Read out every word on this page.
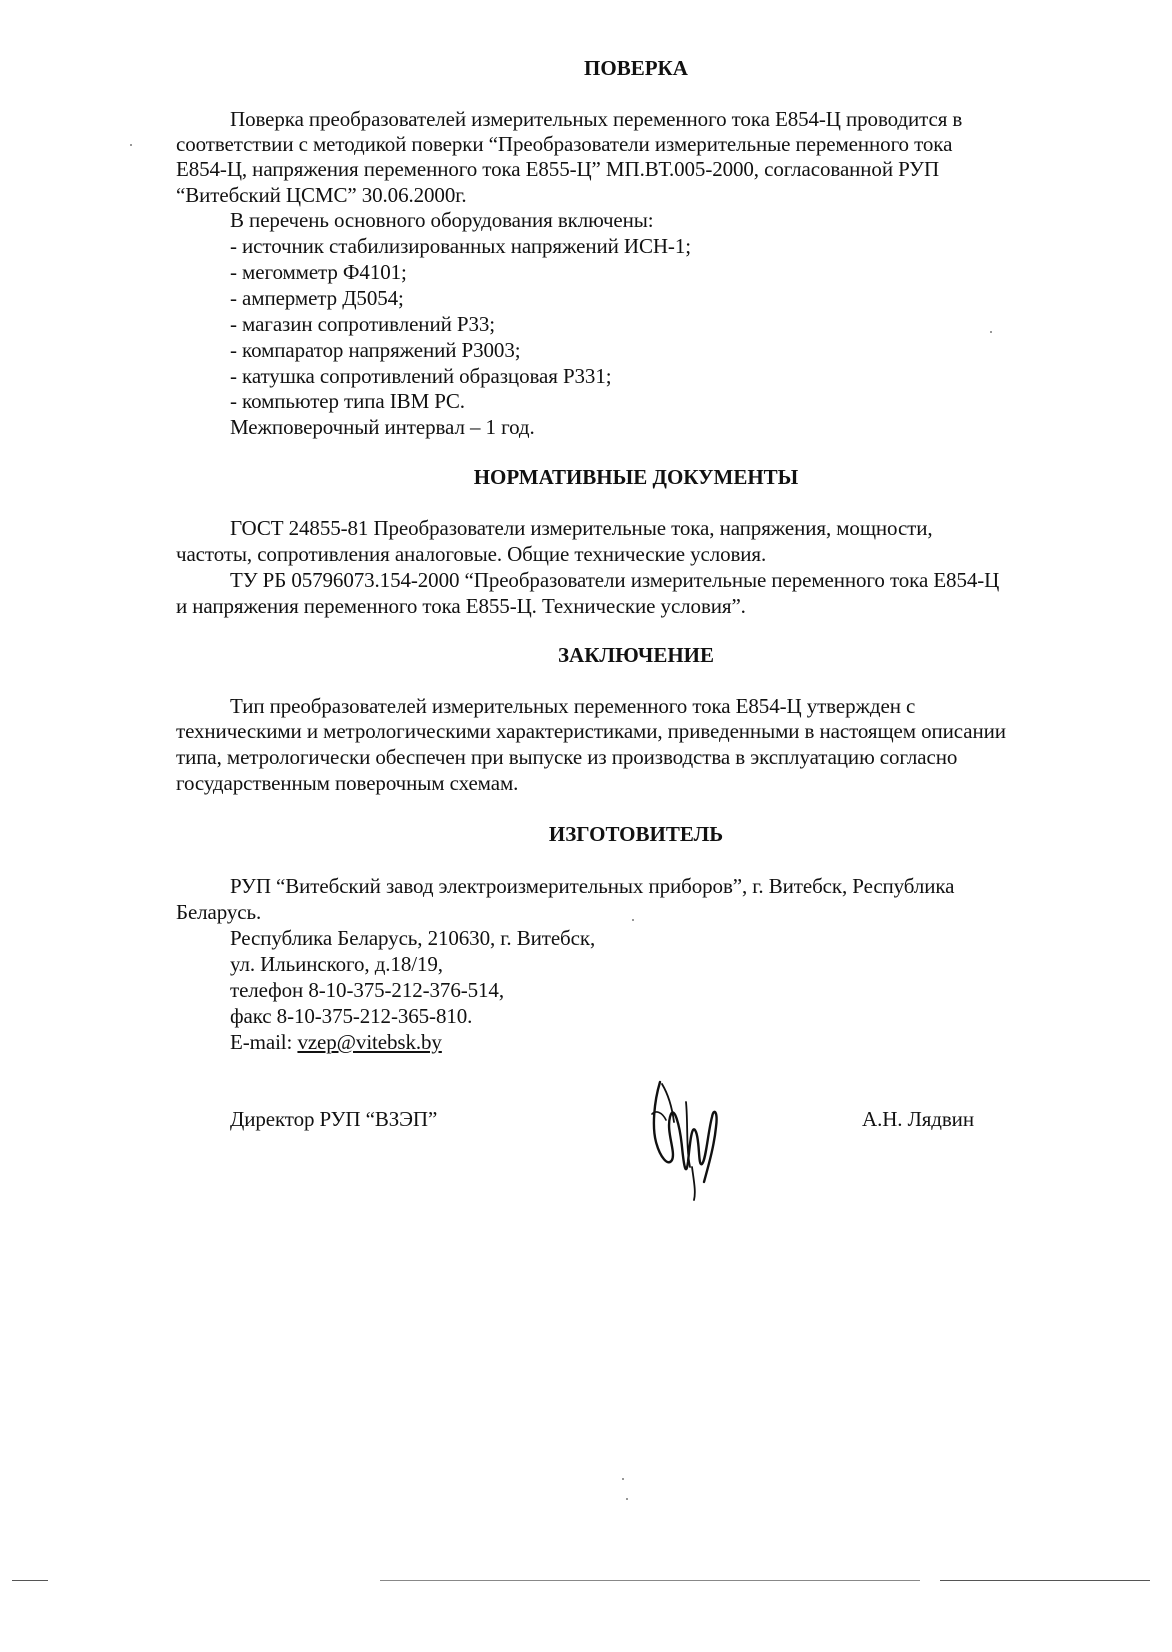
ПОВЕРКА
Поверка преобразователей измерительных переменного тока Е854-Ц проводится в
соответствии с методикой поверки “Преобразователи измерительные переменного тока
Е854-Ц, напряжения переменного тока Е855-Ц” МП.ВТ.005-2000, согласованной РУП
“Витебский ЦСМС” 30.06.2000г.
В перечень основного оборудования включены:
- источник стабилизированных напряжений ИСН-1;
- мегомметр Ф4101;
- амперметр Д5054;
- магазин сопротивлений Р33;
- компаратор напряжений Р3003;
- катушка сопротивлений образцовая Р331;
- компьютер типа IBM PC.
Межповерочный интервал – 1 год.
НОРМАТИВНЫЕ ДОКУМЕНТЫ
ГОСТ 24855-81 Преобразователи измерительные тока, напряжения, мощности,
частоты, сопротивления аналоговые. Общие технические условия.
ТУ РБ 05796073.154-2000 “Преобразователи измерительные переменного тока Е854-Ц
и напряжения переменного тока Е855-Ц. Технические условия”.
ЗАКЛЮЧЕНИЕ
Тип преобразователей измерительных переменного тока Е854-Ц утвержден с
техническими и метрологическими характеристиками, приведенными в настоящем описании
типа, метрологически обеспечен при выпуске из производства в эксплуатацию согласно
государственным поверочным схемам.
ИЗГОТОВИТЕЛЬ
РУП “Витебский завод электроизмерительных приборов”, г. Витебск, Республика
Беларусь.
Республика Беларусь, 210630, г. Витебск,
ул. Ильинского, д.18/19,
телефон 8-10-375-212-376-514,
факс 8-10-375-212-365-810.
E-mail: vzep@vitebsk.by
Директор РУП “ВЗЭП”	А.Н. Лядвин
